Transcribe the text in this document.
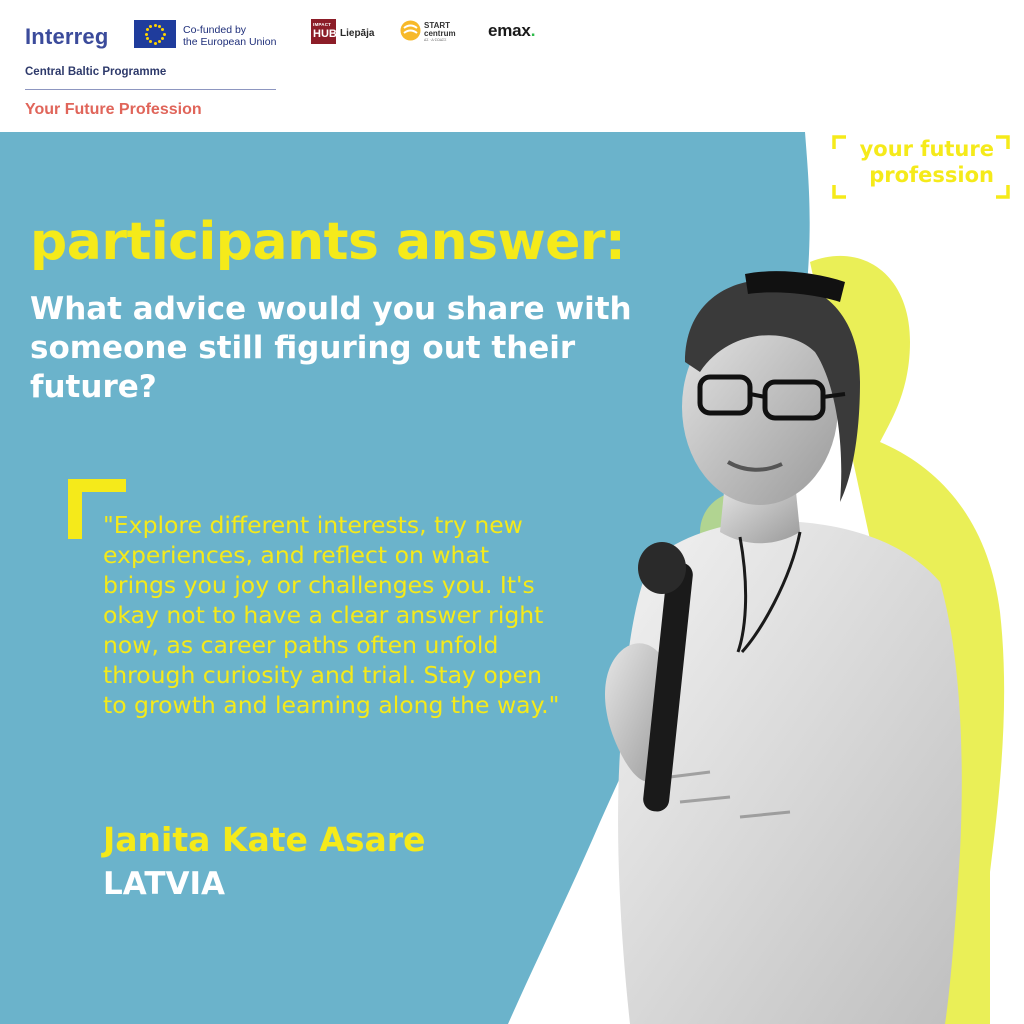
Interreg	Co-funded by
the European Union
Central Baltic Programme
Your Future Profession
IMPACT
HUB Liepāja
START
centrum
ΔΣ · Δ·ΣΩΔΣΣ	emax.
your future
profession
participants answer:
What advice would you share with someone still figuring out their future?
"Explore different interests, try new experiences, and reflect on what brings you joy or challenges you. It's okay not to have a clear answer right now, as career paths often unfold through curiosity and trial. Stay open to growth and learning along the way."
Janita Kate Asare
LATVIA
